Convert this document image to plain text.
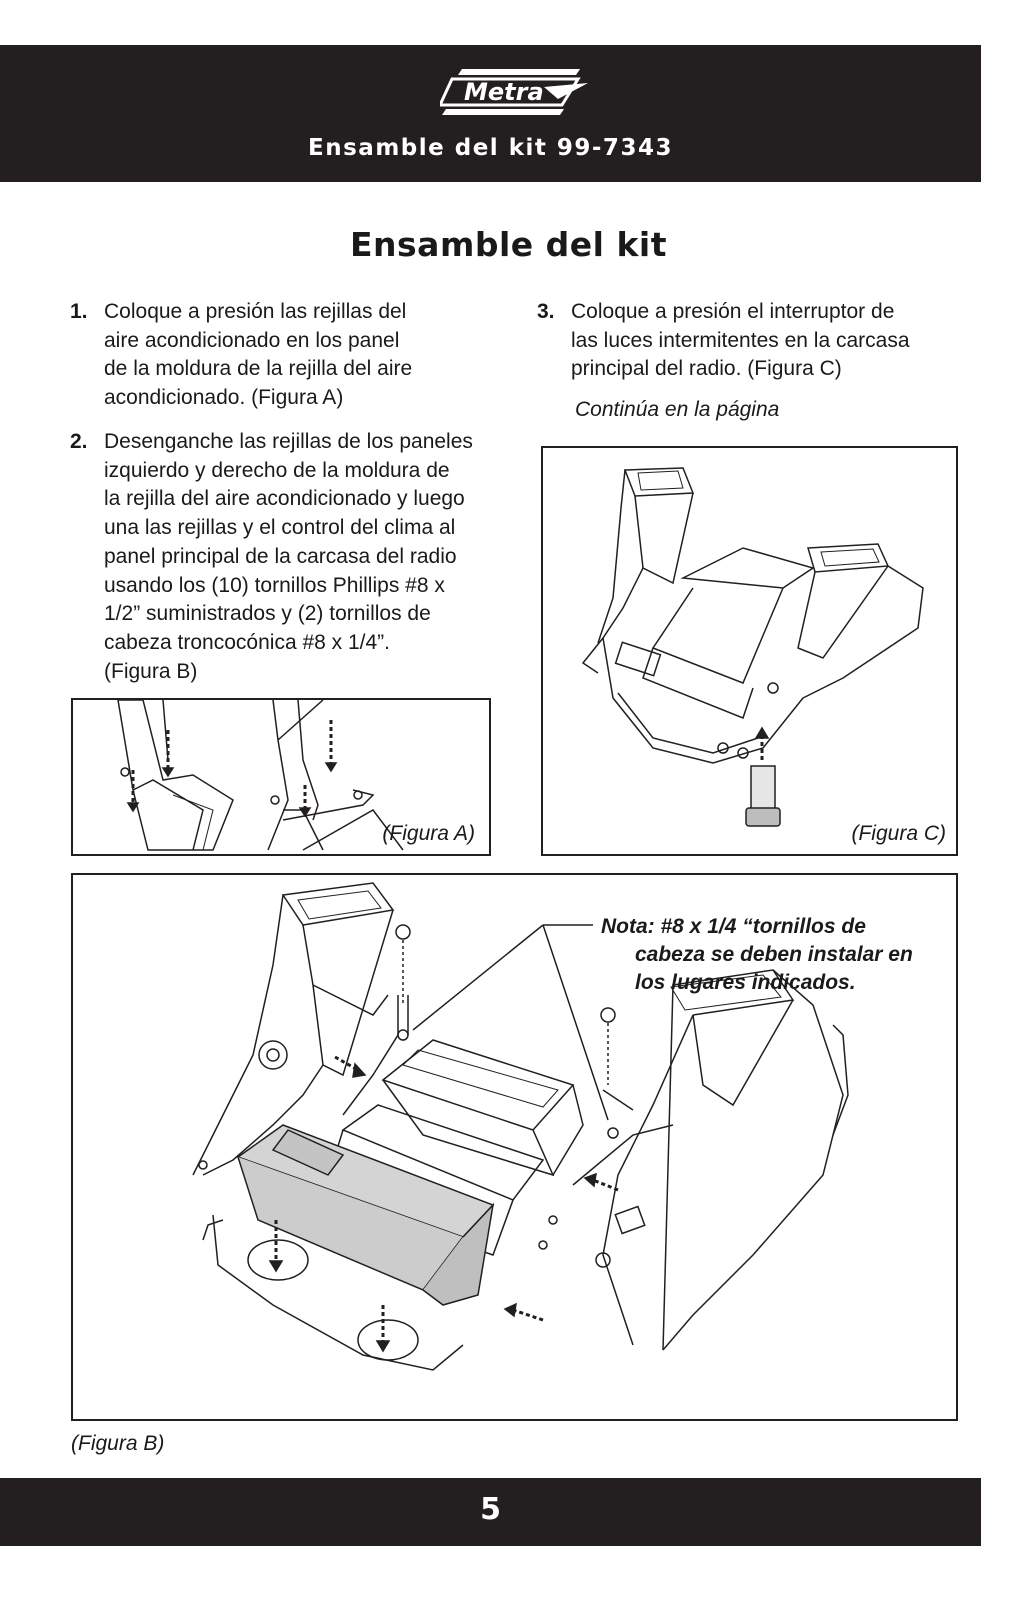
Metra
Ensamble del kit 99-7343
Ensamble del kit
1. Coloque a presión las rejillas del
aire acondicionado en los panel
de la moldura de la rejilla del aire
acondicionado. (Figura A)
2. Desenganche las rejillas de los paneles
izquierdo y derecho de la moldura de
la rejilla del aire acondicionado y luego
una las rejillas y el control del clima al
panel principal de la carcasa del radio
usando los (10) tornillos Phillips #8 x
1/2” suministrados y (2) tornillos de
cabeza troncocónica #8 x 1/4”.
(Figura B)
3. Coloque a presión el interruptor de
las luces intermitentes en la carcasa
principal del radio. (Figura C)
Continúa en la página
(Figura A)	(Figura C)
Nota: #8 x 1/4 “tornillos de
cabeza se deben instalar en
los lugares indicados.
(Figura B)
5
